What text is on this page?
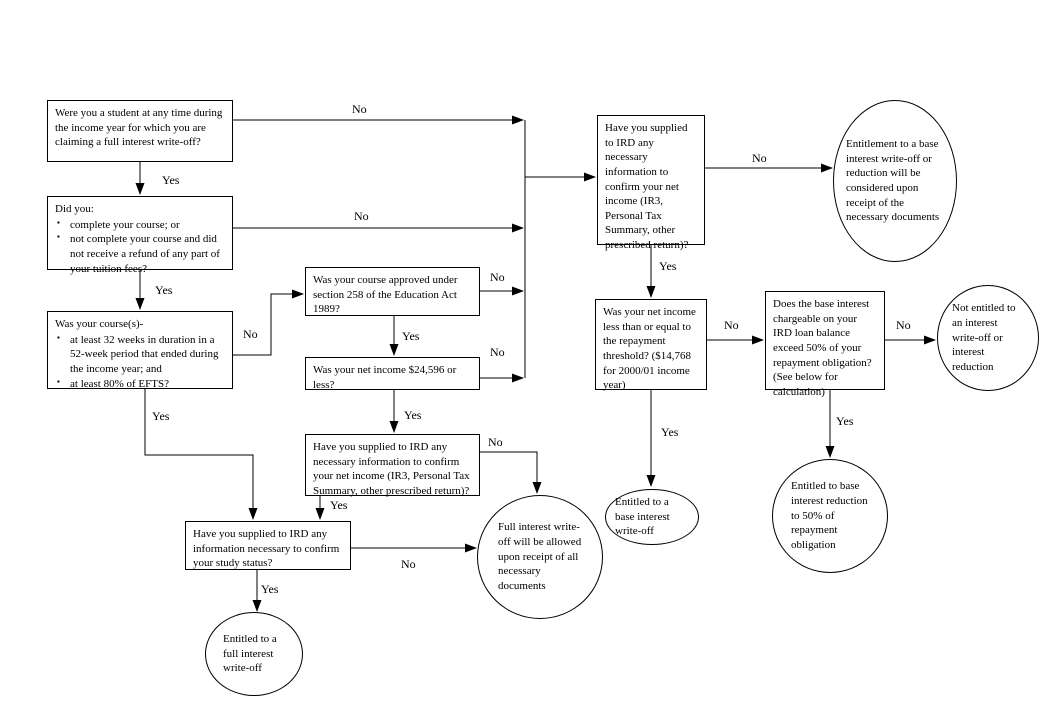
Were you a student at any time during the income year for which you are claiming a full interest write-off?
Did you:
▪ complete your course; or
▪ not complete your course and did not receive a refund of any part of your tuition fees?
Was your course(s)-
▪ at least 32 weeks in duration in a 52-week period that ended during the income year; and
▪ at least 80% of EFTS?
Was your course approved under section 258 of the Education Act 1989?
Was your net income $24,596 or less?
Have you supplied to IRD any necessary information to confirm your net income (IR3, Personal Tax Summary, other prescribed return)?
Have you supplied to IRD any information necessary to confirm your study status?
Have you supplied to IRD any necessary information to confirm your net income (IR3, Personal Tax Summary, other prescribed return)?
Was your net income less than or equal to the repayment threshold? ($14,768 for 2000/01 income year)
Does the base interest chargeable on your IRD loan balance exceed 50% of your repayment obligation? (See below for calculation)
Entitlement to a base interest write-off or reduction will be considered upon receipt of the necessary documents
Not entitled to an interest write-off or interest reduction
Full interest write-off will be allowed upon receipt of all necessary documents
Entitled to a base interest write-off
Entitled to base interest reduction to 50% of repayment obligation
Entitled to a full interest write-off
No
Yes
No
Yes
No
Yes
No
Yes
No
Yes
No
Yes
No
Yes
No
Yes
No
Yes
No
Yes
